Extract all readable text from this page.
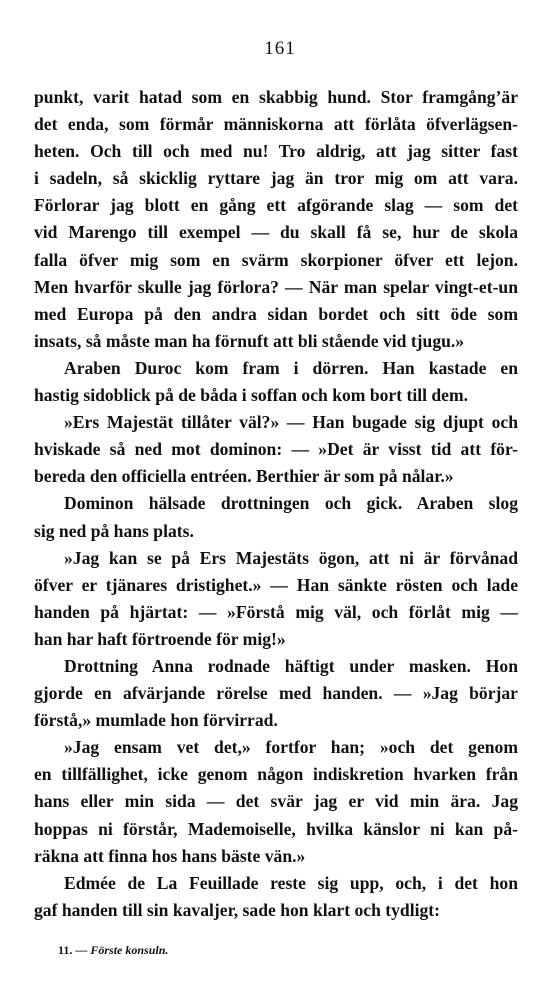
161
punkt, varit hatad som en skabbig hund. Stor framgång’är
det enda, som förmår människorna att förlåta öfverlägsen-
heten. Och till och med nu! Tro aldrig, att jag sitter fast
i sadeln, så skicklig ryttare jag än tror mig om att vara.
Förlorar jag blott en gång ett afgörande slag — som det
vid Marengo till exempel — du skall få se, hur de skola
falla öfver mig som en svärm skorpioner öfver ett lejon.
Men hvarför skulle jag förlora? — När man spelar vingt-et-un
med Europa på den andra sidan bordet och sitt öde som
insats, så måste man ha förnuft att bli stående vid tjugu.»
Araben Duroc kom fram i dörren. Han kastade en
hastig sidoblick på de båda i soffan och kom bort till dem.
»Ers Majestät tillåter väl?» — Han bugade sig djupt och
hviskade så ned mot dominon: — »Det är visst tid att för-
bereda den officiella entréen. Berthier är som på nålar.»
Dominon hälsade drottningen och gick. Araben slog
sig ned på hans plats.
»Jag kan se på Ers Majestäts ögon, att ni är förvånad
öfver er tjänares dristighet.» — Han sänkte rösten och lade
handen på hjärtat: — »Förstå mig väl, och förlåt mig —
han har haft förtroende för mig!»
Drottning Anna rodnade häftigt under masken. Hon
gjorde en afvärjande rörelse med handen. — »Jag börjar
förstå,» mumlade hon förvirrad.
»Jag ensam vet det,» fortfor han; »och det genom
en tillfällighet, icke genom någon indiskretion hvarken från
hans eller min sida — det svär jag er vid min ära. Jag
hoppas ni förstår, Mademoiselle, hvilka känslor ni kan på-
räkna att finna hos hans bäste vän.»
Edmée de La Feuillade reste sig upp, och, i det hon
gaf handen till sin kavaljer, sade hon klart och tydligt:
11. — Förste konsuln.
